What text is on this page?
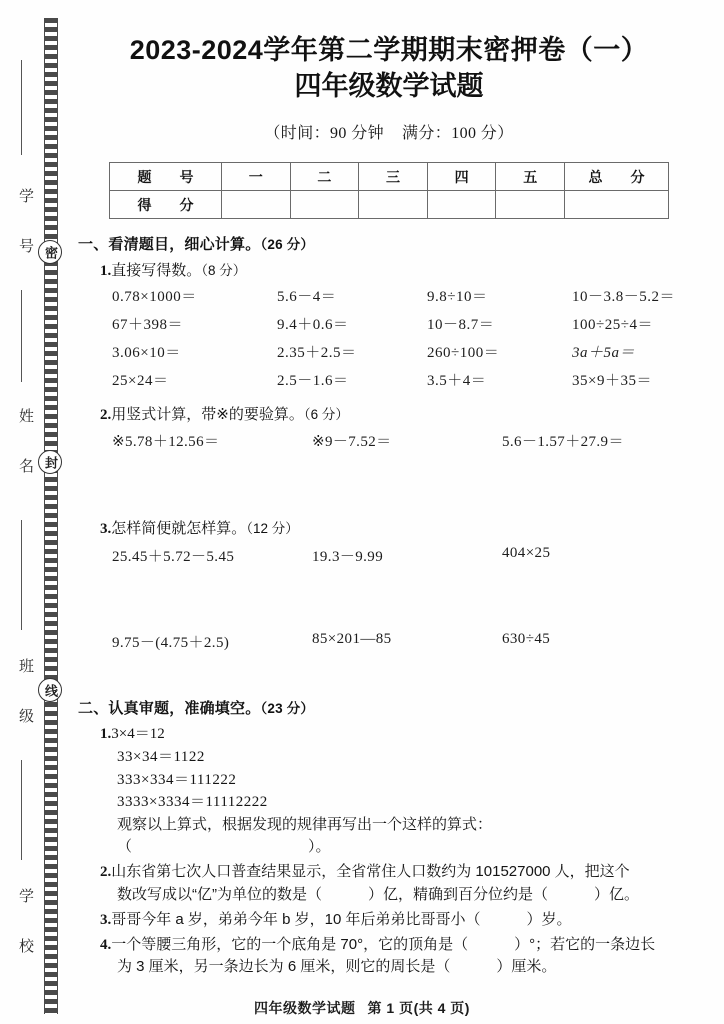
密
封
线
学　号
姓　名
班　级
学　校
2023-2024学年第二学期期末密押卷（一）
四年级数学试题
（时间：90 分钟 满分：100 分）
题　号	一	二	三	四	五	总　分
得　分						
一、看清题目，细心计算。（26 分）
1.直接写得数。（8 分）
0.78×1000＝	5.6－4＝	9.8÷10＝	10－3.8－5.2＝
67＋398＝	9.4＋0.6＝	10－8.7＝	100÷25÷4＝
3.06×10＝	2.35＋2.5＝	260÷100＝	3a＋5a＝
25×24＝	2.5－1.6＝	3.5＋4＝	35×9＋35＝
2.用竖式计算，带※的要验算。（6 分）
※5.78＋12.56＝	※9－7.52＝	5.6－1.57＋27.9＝
3.怎样简便就怎样算。（12 分）
25.45＋5.72－5.45	19.3－9.99	404×25
9.75－(4.75＋2.5)	85×201—85	630÷45
二、认真审题，准确填空。（23 分）
1.3×4＝12
33×34＝1122
333×334＝111222
3333×3334＝11112222
观察以上算式，根据发现的规律再写出一个这样的算式：
（	）。
2.山东省第七次人口普查结果显示，全省常住人口数约为 101527000 人，把这个
数改写成以“亿”为单位的数是（	）亿，精确到百分位约是（	）亿。
3.哥哥今年 a 岁，弟弟今年 b 岁，10 年后弟弟比哥哥小（	）岁。
4.一个等腰三角形，它的一个底角是 70°，它的顶角是（	）°；若它的一条边长
为 3 厘米，另一条边长为 6 厘米，则它的周长是（	）厘米。
四年级数学试题 第 1 页(共 4 页)
